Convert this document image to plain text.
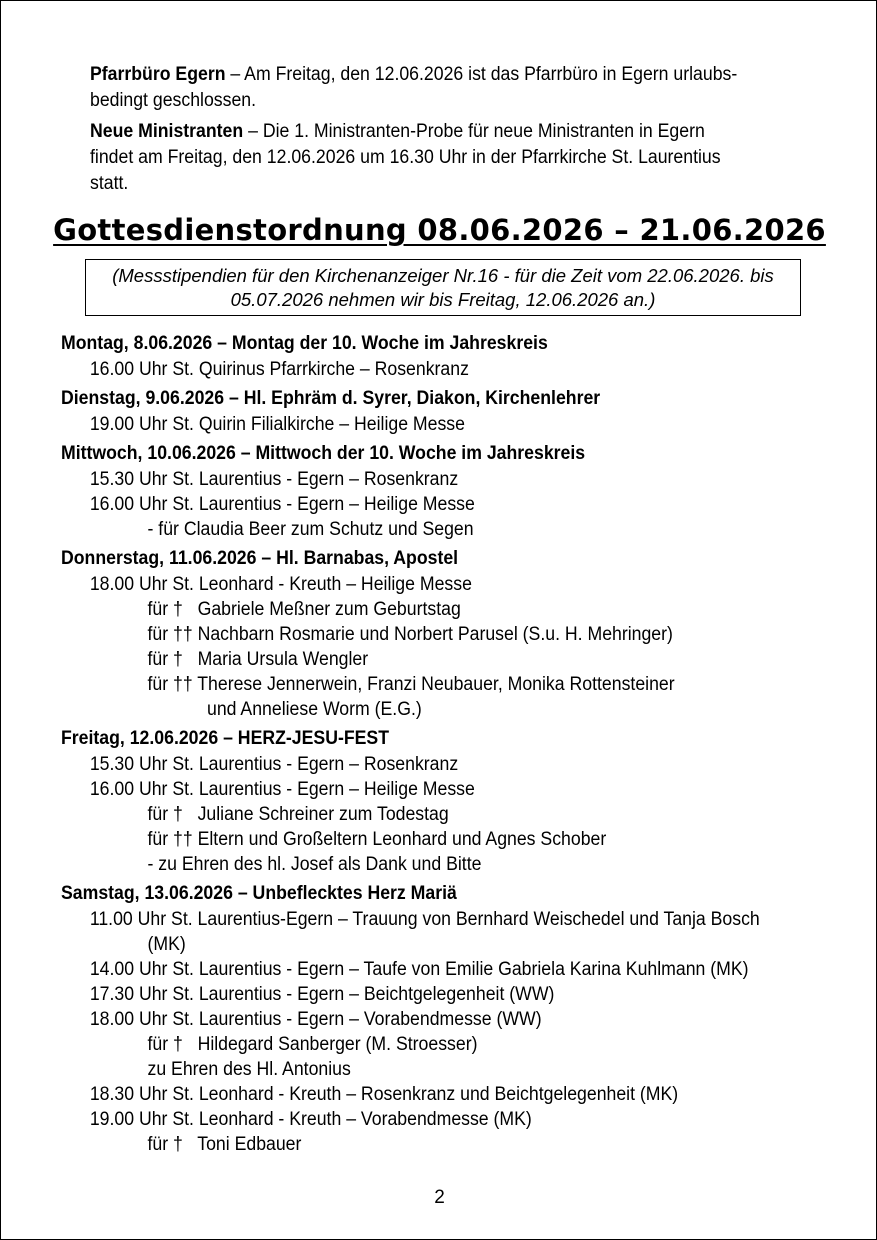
Pfarrbüro Egern – Am Freitag, den 12.06.2026 ist das Pfarrbüro in Egern urlaubs-bedingt geschlossen.
Neue Ministranten – Die 1. Ministranten-Probe für neue Ministranten in Egern findet am Freitag, den 12.06.2026 um 16.30 Uhr in der Pfarrkirche St. Laurentius statt.
Gottesdienstordnung 08.06.2026 – 21.06.2026
(Messstipendien für den Kirchenanzeiger Nr.16 - für die Zeit vom 22.06.2026. bis 05.07.2026 nehmen wir bis Freitag, 12.06.2026 an.)
Montag, 8.06.2026 – Montag der 10. Woche im Jahreskreis
16.00 Uhr St. Quirinus Pfarrkirche – Rosenkranz
Dienstag, 9.06.2026 – Hl. Ephräm d. Syrer, Diakon, Kirchenlehrer
19.00 Uhr St. Quirin Filialkirche – Heilige Messe
Mittwoch, 10.06.2026 – Mittwoch der 10. Woche im Jahreskreis
15.30 Uhr St. Laurentius - Egern – Rosenkranz
16.00 Uhr St. Laurentius - Egern – Heilige Messe
- für Claudia Beer zum Schutz und Segen
Donnerstag, 11.06.2026 – Hl. Barnabas, Apostel
18.00 Uhr St. Leonhard - Kreuth – Heilige Messe
für †   Gabriele Meßner zum Geburtstag
für †† Nachbarn Rosmarie und Norbert Parusel (S.u. H. Mehringer)
für †   Maria Ursula Wengler
für †† Therese Jennerwein, Franzi Neubauer, Monika Rottensteiner
und Anneliese Worm (E.G.)
Freitag, 12.06.2026 – HERZ-JESU-FEST
15.30 Uhr St. Laurentius - Egern – Rosenkranz
16.00 Uhr St. Laurentius - Egern – Heilige Messe
für †   Juliane Schreiner zum Todestag
für †† Eltern und Großeltern Leonhard und Agnes Schober
- zu Ehren des hl. Josef als Dank und Bitte
Samstag, 13.06.2026 – Unbeflecktes Herz Mariä
11.00 Uhr St. Laurentius-Egern – Trauung von Bernhard Weischedel und Tanja Bosch
(MK)
14.00 Uhr St. Laurentius - Egern – Taufe von Emilie Gabriela Karina Kuhlmann (MK)
17.30 Uhr St. Laurentius - Egern – Beichtgelegenheit (WW)
18.00 Uhr St. Laurentius - Egern – Vorabendmesse (WW)
für †   Hildegard Sanberger (M. Stroesser)
zu Ehren des Hl. Antonius
18.30 Uhr St. Leonhard - Kreuth – Rosenkranz und Beichtgelegenheit (MK)
19.00 Uhr St. Leonhard - Kreuth – Vorabendmesse (MK)
für †   Toni Edbauer
2
